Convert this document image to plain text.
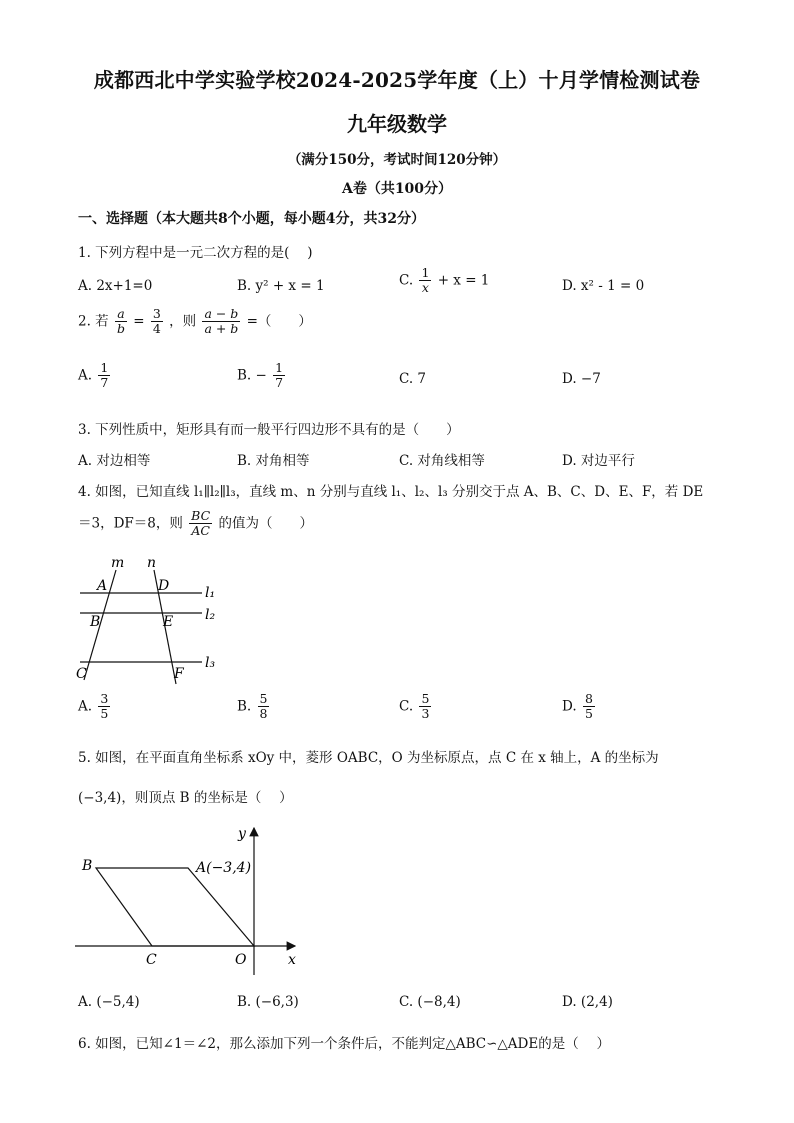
成都西北中学实验学校2024-2025学年度（上）十月学情检测试卷
九年级数学
（满分150分，考试时间120分钟）
A卷（共100分）
一、选择题（本大题共8个小题，每小题4分，共32分）
1. 下列方程中是一元二次方程的是(　 )
A. 2x+1=0	B. y² + x = 1	C. $\frac{1}{x} + x = 1$	D. x² - 1 = 0
2. 若 $\frac{a}{b} = \frac{3}{4}$ ，则 $\frac{a - b}{a + b}$ =（　　）
A. $\frac{1}{7}$	B. − $\frac{1}{7}$	C. 7	D. −7
3. 下列性质中，矩形具有而一般平行四边形不具有的是（　　）
A. 对边相等	B. 对角相等	C. 对角线相等	D. 对边平行
4. 如图，已知直线 l₁∥l₂∥l₃，直线 m、n 分别与直线 l₁、l₂、l₃ 分别交于点 A、B、C、D、E、F，若 DE
＝3，DF＝8，则 $\frac{BC}{AC}$ 的值为（　　）
m n
A	D
B	E
C	F
l₁
l₂
l₃
A. $\frac{3}{5}$	B. $\frac{5}{8}$	C. $\frac{5}{3}$	D. $\frac{8}{5}$
5. 如图，在平面直角坐标系 xOy 中，菱形 OABC，O 为坐标原点，点 C 在 x 轴上，A 的坐标为
(−3,4)，则顶点 B 的坐标是（　 ）
y
x
B	A(−3,4)
C	O
A. (−5,4)	B. (−6,3)	C. (−8,4)	D. (2,4)
6. 如图，已知∠1＝∠2，那么添加下列一个条件后，不能判定△ABC∽△ADE的是（　 ）
